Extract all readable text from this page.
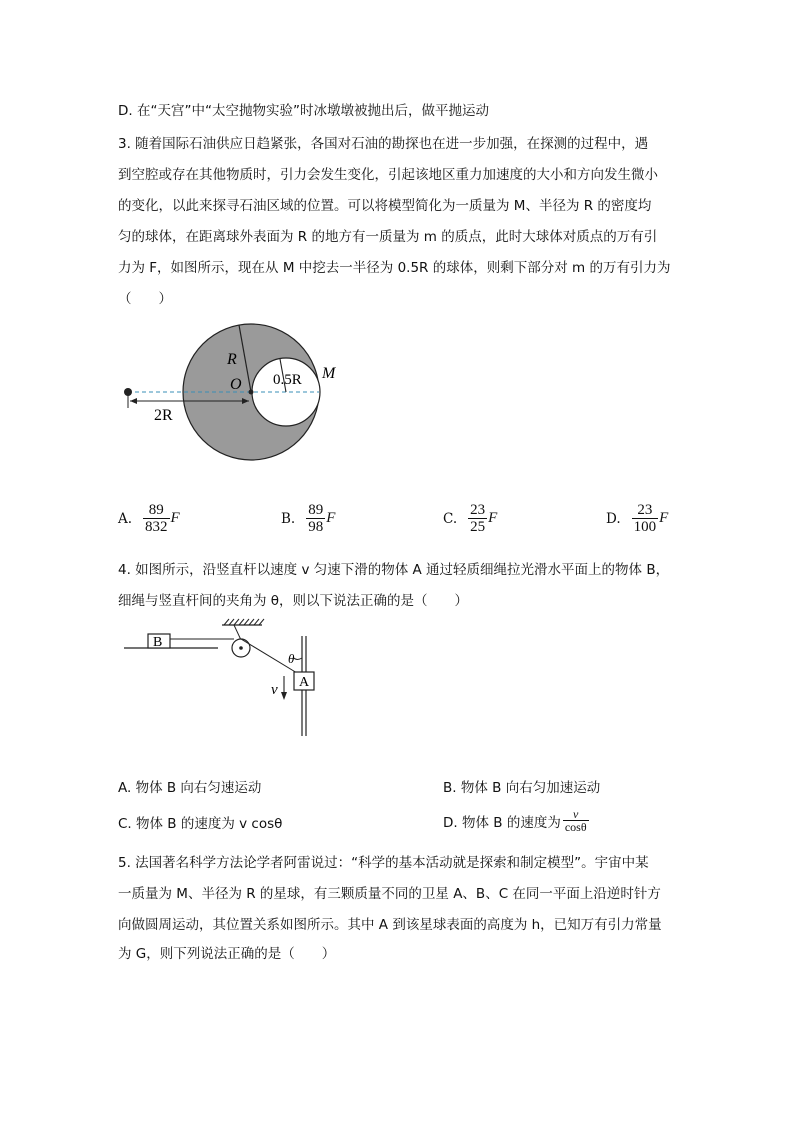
D. 在“天宫”中“太空抛物实验”时冰墩墩被抛出后，做平抛运动
3. 随着国际石油供应日趋紧张，各国对石油的勘探也在进一步加强，在探测的过程中，遇
到空腔或存在其他物质时，引力会发生变化，引起该地区重力加速度的大小和方向发生微小
的变化，以此来探寻石油区域的位置。可以将模型简化为一质量为 M、半径为 R 的密度均
匀的球体，在距离球外表面为 R 的地方有一质量为 m 的质点，此时大球体对质点的万有引
力为 F，如图所示，现在从 M 中挖去一半径为 0.5R 的球体，则剩下部分对 m 的万有引力为
（　　）
R
O 0.5R M
2R
A. $\frac{89}{832}$ F	B. $\frac{89}{98}$ F	C. $\frac{23}{25}$ F	D. $\frac{23}{100}$ F
4. 如图所示，沿竖直杆以速度 v 匀速下滑的物体 A 通过轻质细绳拉光滑水平面上的物体 B，
细绳与竖直杆间的夹角为 θ，则以下说法正确的是（　　）
B
A
θ
v
A. 物体 B 向右匀速运动	B. 物体 B 向右匀加速运动
C. 物体 B 的速度为 v cosθ	D. 物体 B 的速度为 $\frac{v}{\cos\theta}$
5. 法国著名科学方法论学者阿雷说过：“科学的基本活动就是探索和制定模型”。宇宙中某
一质量为 M、半径为 R 的星球，有三颗质量不同的卫星 A、B、C 在同一平面上沿逆时针方
向做圆周运动，其位置关系如图所示。其中 A 到该星球表面的高度为 h，已知万有引力常量
为 G，则下列说法正确的是（　　）
